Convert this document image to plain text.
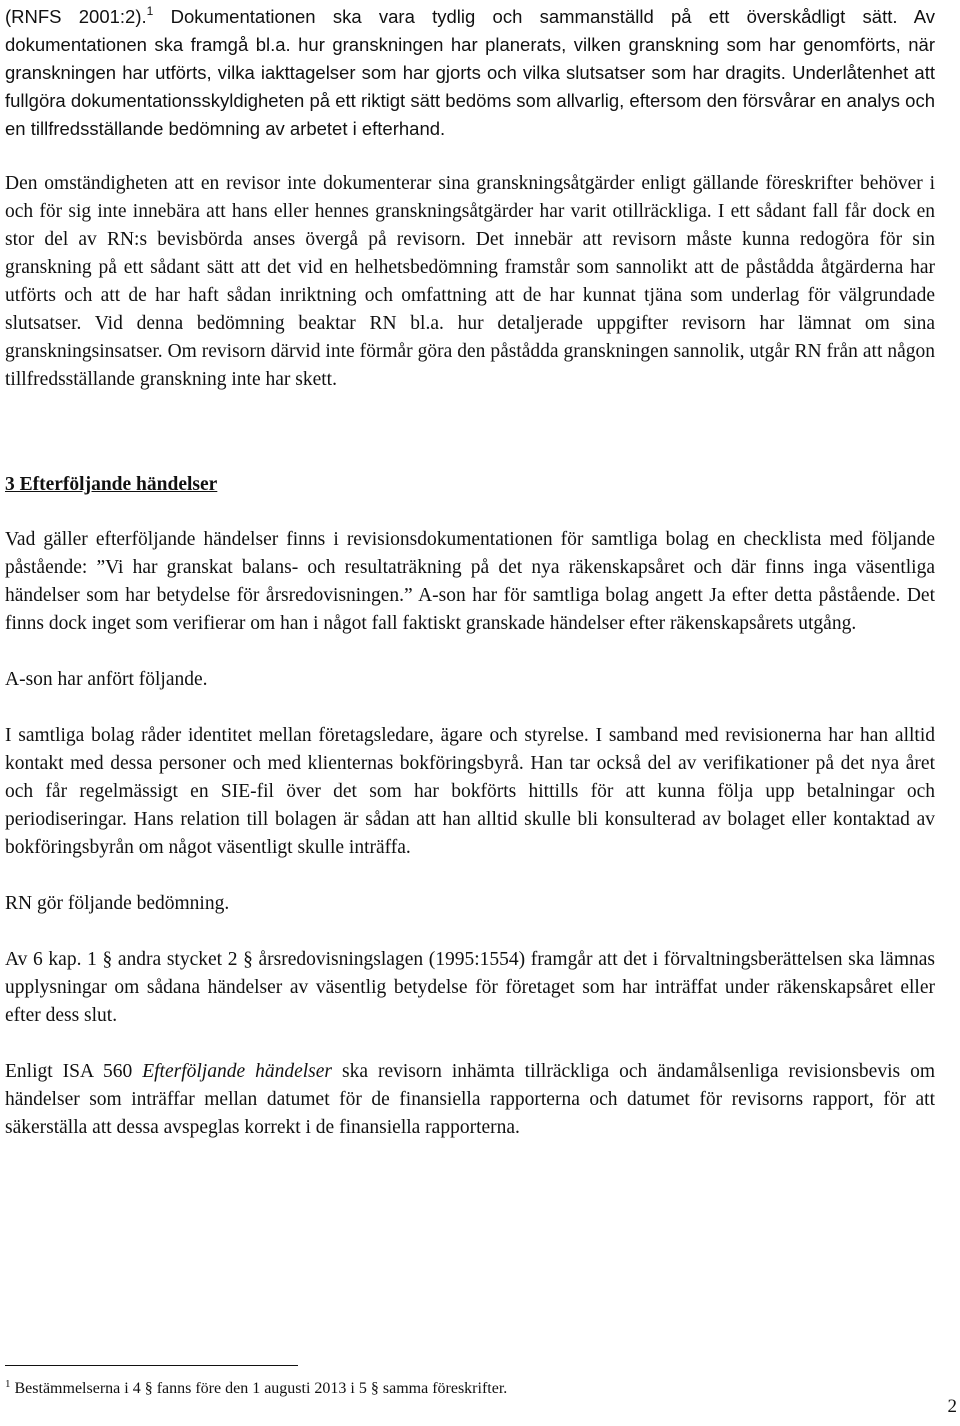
(RNFS 2001:2).$^1$ Dokumentationen ska vara tydlig och sammanställd på ett överskådligt sätt. Av dokumentationen ska framgå bl.a. hur granskningen har planerats, vilken granskning som har genomförts, när granskningen har utförts, vilka iakttagelser som har gjorts och vilka slutsatser som har dragits. Underlåtenhet att fullgöra dokumentationsskyldigheten på ett riktigt sätt bedöms som allvarlig, eftersom den försvårar en analys och en tillfredsställande bedömning av arbetet i efterhand.

Den omständigheten att en revisor inte dokumenterar sina granskningsåtgärder enligt gällande föreskrifter behöver i och för sig inte innebära att hans eller hennes granskningsåtgärder har varit otillräckliga. I ett sådant fall får dock en stor del av RN:s bevisbörda anses övergå på revisorn. Det innebär att revisorn måste kunna redogöra för sin granskning på ett sådant sätt att det vid en helhetsbedömning framstår som sannolikt att de påstådda åtgärderna har utförts och att de har haft sådan inriktning och omfattning att de har kunnat tjäna som underlag för välgrundade slutsatser. Vid denna bedömning beaktar RN bl.a. hur detaljerade uppgifter revisorn har lämnat om sina granskningsinsatser. Om revisorn därvid inte förmår göra den påstådda granskningen sannolik, utgår RN från att någon tillfredsställande granskning inte har skett.

3 Efterföljande händelser

Vad gäller efterföljande händelser finns i revisionsdokumentationen för samtliga bolag en checklista med följande påstående: ”Vi har granskat balans- och resultaträkning på det nya räkenskapsåret och där finns inga väsentliga händelser som har betydelse för årsredovisningen.” A-son har för samtliga bolag angett Ja efter detta påstående. Det finns dock inget som verifierar om han i något fall faktiskt granskade händelser efter räkenskapsårets utgång.

A-son har anfört följande.

I samtliga bolag råder identitet mellan företagsledare, ägare och styrelse. I samband med revisionerna har han alltid kontakt med dessa personer och med klienternas bokföringsbyrå. Han tar också del av verifikationer på det nya året och får regelmässigt en SIE-fil över det som har bokförts hittills för att kunna följa upp betalningar och periodiseringar. Hans relation till bolagen är sådan att han alltid skulle bli konsulterad av bolaget eller kontaktad av bokföringsbyrån om något väsentligt skulle inträffa.

RN gör följande bedömning.

Av 6 kap. 1 § andra stycket 2 § årsredovisningslagen (1995:1554) framgår att det i förvaltningsberättelsen ska lämnas upplysningar om sådana händelser av väsentlig betydelse för företaget som har inträffat under räkenskapsåret eller efter dess slut.

Enligt ISA 560 Efterföljande händelser ska revisorn inhämta tillräckliga och ändamålsenliga revisionsbevis om händelser som inträffar mellan datumet för de finansiella rapporterna och datumet för revisorns rapport, för att säkerställa att dessa avspeglas korrekt i de finansiella rapporterna.

$^1$ Bestämmelserna i 4 § fanns före den 1 augusti 2013 i 5 § samma föreskrifter.
2
